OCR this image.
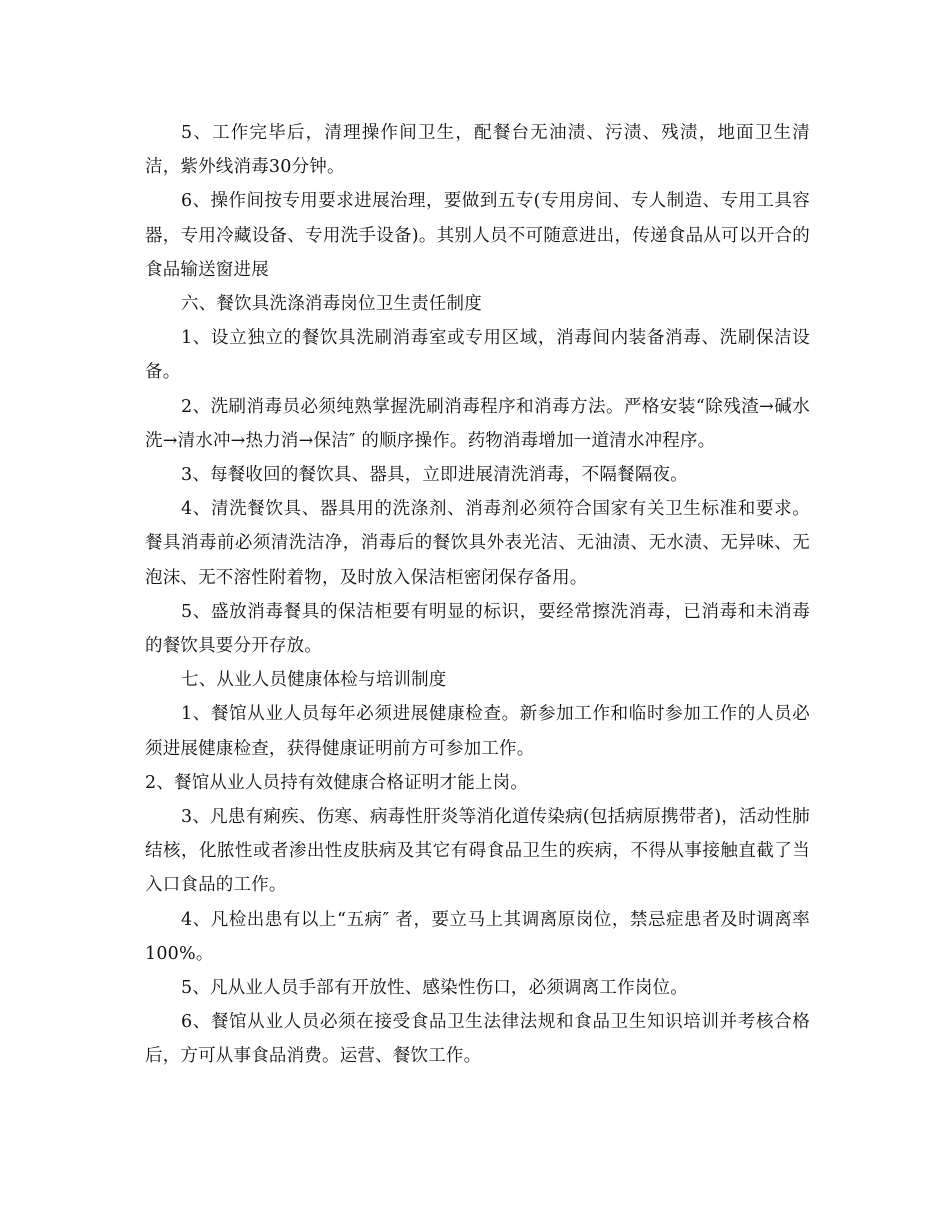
5、工作完毕后，清理操作间卫生，配餐台无油渍、污渍、残渍，地面卫生清洁，紫外线消毒30分钟。

6、操作间按专用要求进展治理，要做到五专(专用房间、专人制造、专用工具容器，专用冷藏设备、专用洗手设备)。其别人员不可随意进出，传递食品从可以开合的食品输送窗进展

六、餐饮具洗涤消毒岗位卫生责任制度

1、设立独立的餐饮具洗刷消毒室或专用区域，消毒间内装备消毒、洗刷保洁设备。

2、洗刷消毒员必须纯熟掌握洗刷消毒程序和消毒方法。严格安装“除残渣→碱水洗→清水冲→热力消→保洁″ 的顺序操作。药物消毒增加一道清水冲程序。

3、每餐收回的餐饮具、器具，立即进展清洗消毒，不隔餐隔夜。

4、清洗餐饮具、器具用的洗涤剂、消毒剂必须符合国家有关卫生标准和要求。餐具消毒前必须清洗洁净，消毒后的餐饮具外表光洁、无油渍、无水渍、无异味、无泡沫、无不溶性附着物，及时放入保洁柜密闭保存备用。

5、盛放消毒餐具的保洁柜要有明显的标识，要经常擦洗消毒，已消毒和未消毒的餐饮具要分开存放。

七、从业人员健康体检与培训制度

1、餐馆从业人员每年必须进展健康检查。新参加工作和临时参加工作的人员必须进展健康检查，获得健康证明前方可参加工作。

2、餐馆从业人员持有效健康合格证明才能上岗。

3、凡患有痢疾、伤寒、病毒性肝炎等消化道传染病(包括病原携带者)，活动性肺结核，化脓性或者渗出性皮肤病及其它有碍食品卫生的疾病，不得从事接触直截了当入口食品的工作。

4、凡检出患有以上“五病″ 者，要立马上其调离原岗位，禁忌症患者及时调离率100%。

5、凡从业人员手部有开放性、感染性伤口，必须调离工作岗位。

6、餐馆从业人员必须在接受食品卫生法律法规和食品卫生知识培训并考核合格后，方可从事食品消费。运营、餐饮工作。
